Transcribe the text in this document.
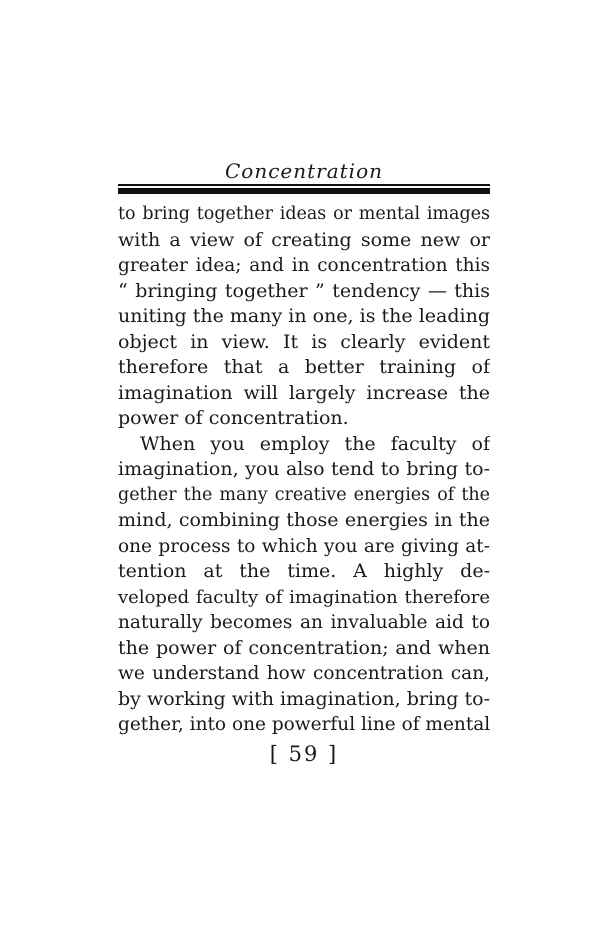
Concentration
to bring together ideas or mental images
with a view of creating some new or
greater idea; and in concentration this
“ bringing together ” tendency — this
uniting the many in one, is the leading
object in view. It is clearly evident
therefore that a better training of
imagination will largely increase the
power of concentration.
When you employ the faculty of
imagination, you also tend to bring to-
gether the many creative energies of the
mind, combining those energies in the
one process to which you are giving at-
tention at the time. A highly de-
veloped faculty of imagination therefore
naturally becomes an invaluable aid to
the power of concentration; and when
we understand how concentration can,
by working with imagination, bring to-
gether, into one powerful line of mental
[ 59 ]
